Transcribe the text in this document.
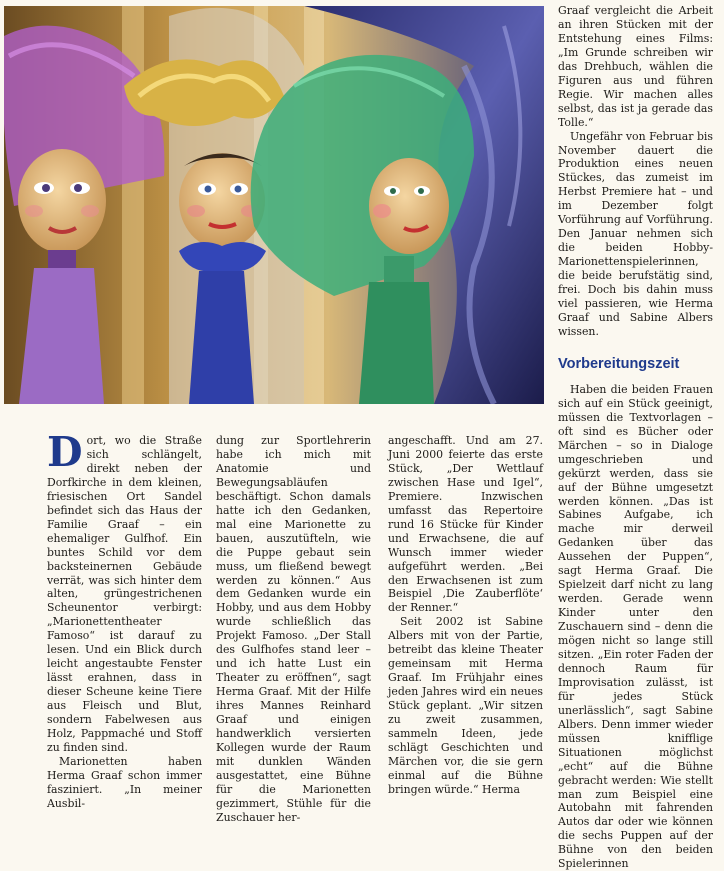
Dort, wo die Straße sich schlängelt, direkt neben der Dorfkirche in dem kleinen, friesischen Ort Sandel befindet sich das Haus der Familie Graaf – ein ehemaliger Gulfhof. Ein buntes Schild vor dem backsteinernen Gebäude verrät, was sich hinter dem alten, grüngestrichenen Scheunentor verbirgt: „Marionettentheater Famoso“ ist darauf zu lesen. Und ein Blick durch leicht angestaubte Fenster lässt erahnen, dass in dieser Scheune keine Tiere aus Fleisch und Blut, sondern Fabelwesen aus Holz, Pappmaché und Stoff zu finden sind.

Marionetten haben Herma Graaf schon immer fasziniert. „In meiner Ausbil-

dung zur Sportlehrerin habe ich mich mit Anatomie und Bewegungsabläufen beschäftigt. Schon damals hatte ich den Gedanken, mal eine Marionette zu bauen, auszutüfteln, wie die Puppe gebaut sein muss, um fließend bewegt werden zu können.“ Aus dem Gedanken wurde ein Hobby, und aus dem Hobby wurde schließlich das Projekt Famoso. „Der Stall des Gulfhofes stand leer – und ich hatte Lust ein Theater zu eröffnen“, sagt Herma Graaf. Mit der Hilfe ihres Mannes Reinhard Graaf und einigen handwerklich versierten Kollegen wurde der Raum mit dunklen Wänden ausgestattet, eine Bühne für die Marionetten gezimmert, Stühle für die Zuschauer her-

angeschafft. Und am 27. Juni 2000 feierte das erste Stück, „Der Wettlauf zwischen Hase und Igel“, Premiere. Inzwischen umfasst das Repertoire rund 16 Stücke für Kinder und Erwachsene, die auf Wunsch immer wieder aufgeführt werden. „Bei den Erwachsenen ist zum Beispiel ‚Die Zauberflöte‘ der Renner.“

Seit 2002 ist Sabine Albers mit von der Partie, betreibt das kleine Theater gemeinsam mit Herma Graaf. Im Frühjahr eines jeden Jahres wird ein neues Stück geplant. „Wir sitzen zu zweit zusammen, sammeln Ideen, jede schlägt Geschichten und Märchen vor, die sie gern einmal auf die Bühne bringen würde.“ Herma

Graaf vergleicht die Arbeit an ihren Stücken mit der Entstehung eines Films: „Im Grunde schreiben wir das Drehbuch, wählen die Figuren aus und führen Regie. Wir machen alles selbst, das ist ja gerade das Tolle.“

Ungefähr von Februar bis November dauert die Produktion eines neuen Stückes, das zumeist im Herbst Premiere hat – und im Dezember folgt Vorführung auf Vorführung. Den Januar nehmen sich die beiden Hobby-Marionettenspielerinnen, die beide berufstätig sind, frei. Doch bis dahin muss viel passieren, wie Herma Graaf und Sabine Albers wissen.

Vorbereitungszeit

Haben die beiden Frauen sich auf ein Stück geeinigt, müssen die Textvorlagen – oft sind es Bücher oder Märchen – so in Dialoge umgeschrieben und gekürzt werden, dass sie auf der Bühne umgesetzt werden können. „Das ist Sabines Aufgabe, ich mache mir derweil Gedanken über das Aussehen der Puppen“, sagt Herma Graaf. Die Spielzeit darf nicht zu lang werden. Gerade wenn Kinder unter den Zuschauern sind – denn die mögen nicht so lange still sitzen. „Ein roter Faden der dennoch Raum für Improvisation zulässt, ist für jedes Stück unerlässlich“, sagt Sabine Albers. Denn immer wieder müssen knifflige Situationen möglichst „echt“ auf die Bühne gebracht werden: Wie stellt man zum Beispiel eine Autobahn mit fahrenden Autos dar oder wie können die sechs Puppen auf der Bühne von den beiden Spielerinnen
